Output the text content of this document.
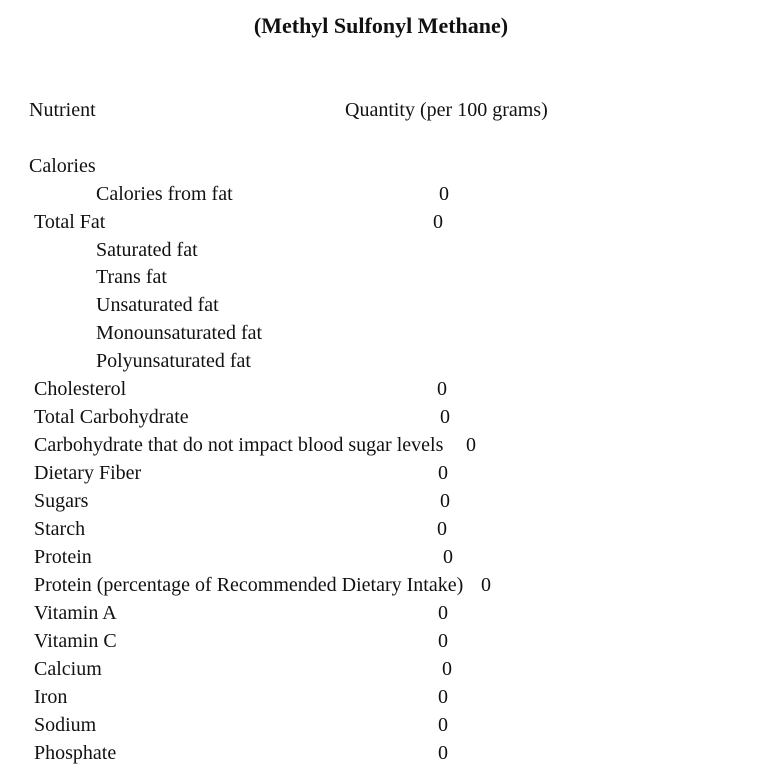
(Methyl Sulfonyl Methane)
Nutrient	Quantity (per 100 grams)
Calories
Calories from fat	0
Total Fat	0
Saturated fat
Trans fat
Unsaturated fat
Monounsaturated fat
Polyunsaturated fat
Cholesterol	0
Total Carbohydrate	0
Carbohydrate that do not impact blood sugar levels 0
Dietary Fiber	0
Sugars	0
Starch	0
Protein	0
Protein (percentage of Recommended Dietary Intake) 0
Vitamin A	0
Vitamin C	0
Calcium	0
Iron	0
Sodium	0
Phosphate	0
